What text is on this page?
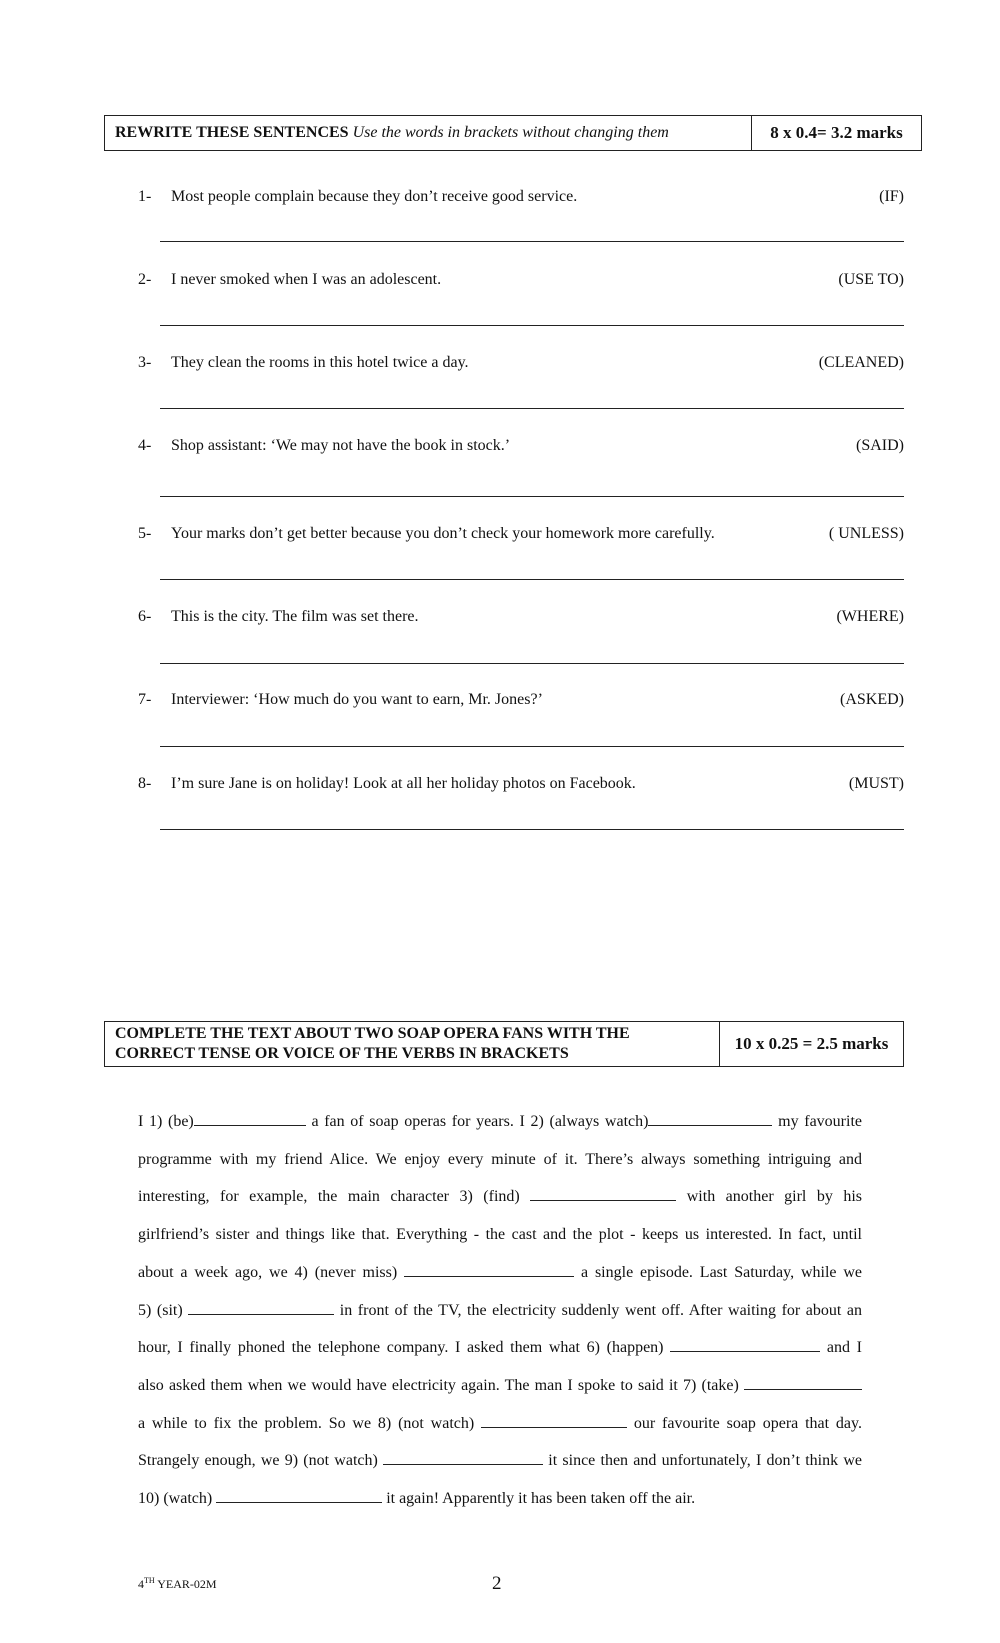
REWRITE THESE SENTENCES
Use the words in brackets without changing them	8 x 0.4= 3.2 marks
1- Most people complain because they don’t receive good service.	(IF)
2- I never smoked when I was an adolescent.	(USE TO)
3- They clean the rooms in this hotel twice a day.	(CLEANED)
4- Shop assistant: ‘We may not have the book in stock.’	(SAID)
5- Your marks don’t get better because you don’t check your homework more carefully.	( UNLESS)
6- This is the city. The film was set there.	(WHERE)
7- Interviewer: ‘How much do you want to earn, Mr. Jones?’	(ASKED)
8- I’m sure Jane is on holiday! Look at all her holiday photos on Facebook.	(MUST)
COMPLETE THE TEXT ABOUT TWO SOAP OPERA FANS WITH THE
CORRECT TENSE OR VOICE OF THE VERBS IN BRACKETS
10 x 0.25 = 2.5 marks
I 1) (be)	a fan of soap operas for years. I 2) (always watch)	my favourite
programme with my friend Alice. We enjoy every minute of it. There’s always something intriguing and
interesting, for example, the main character 3) (find)	with another girl by his
girlfriend’s sister and things like that. Everything - the cast and the plot - keeps us interested. In fact, until
about a week ago, we 4) (never miss)	a single episode. Last Saturday, while we
5) (sit)	in front of the TV, the electricity suddenly went off. After waiting for about an
hour, I finally phoned the telephone company. I asked them what 6) (happen)	and I
also asked them when we would have electricity again. The man I spoke to said it 7) (take)
a while to fix the problem. So we 8) (not watch)	our favourite soap opera that day.
Strangely enough, we 9) (not watch)	it since then and unfortunately, I don’t think we
10) (watch)	it again! Apparently it has been taken off the air.
4TH YEAR-02M	2
